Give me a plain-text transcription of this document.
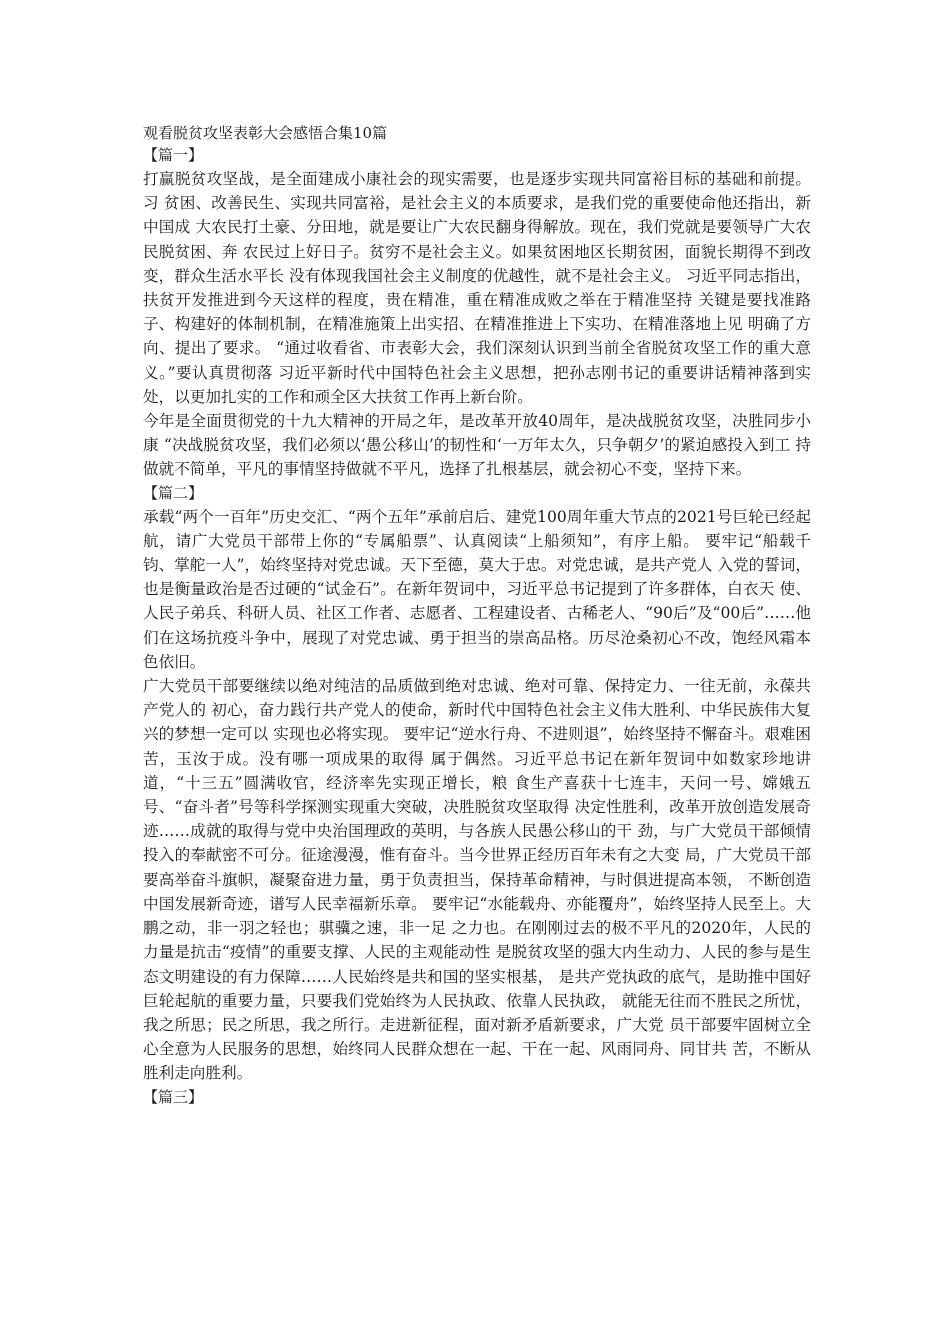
观看脱贫攻坚表彰大会感悟合集10篇
【篇一】

打赢脱贫攻坚战，是全面建成小康社会的现实需要，也是逐步实现共同富裕目标的基础和前提。习 贫困、改善民生、实现共同富裕，是社会主义的本质要求，是我们党的重要使命他还指出，新中国成 大农民打土豪、分田地，就是要让广大农民翻身得解放。现在，我们党就是要领导广大农民脱贫困、奔 农民过上好日子。贫穷不是社会主义。如果贫困地区长期贫困，面貌长期得不到改变，群众生活水平长 没有体现我国社会主义制度的优越性，就不是社会主义。 习近平同志指出，扶贫开发推进到今天这样的程度，贵在精准，重在精准成败之举在于精准坚持 关键是要找准路子、构建好的体制机制，在精准施策上出实招、在精准推进上下实功、在精准落地上见 明确了方向、提出了要求。 “通过收看省、市表彰大会，我们深刻认识到当前全省脱贫攻坚工作的重大意义。”要认真贯彻落 习近平新时代中国特色社会主义思想，把孙志刚书记的重要讲话精神落到实处，以更加扎实的工作和顽全区大扶贫工作再上新台阶。

今年是全面贯彻党的十九大精神的开局之年，是改革开放40周年，是决战脱贫攻坚，决胜同步小康 “决战脱贫攻坚，我们必须以‘愚公移山’的韧性和‘一万年太久，只争朝夕’的紧迫感投入到工 持做就不简单，平凡的事情坚持做就不平凡，选择了扎根基层，就会初心不变，坚持下来。

【篇二】

承载“两个一百年”历史交汇、“两个五年”承前启后、建党100周年重大节点的2021号巨轮已经起 航，请广大党员干部带上你的“专属船票”、认真阅读“上船须知”，有序上船。 要牢记“船载千钧、掌舵一人”，始终坚持对党忠诚。天下至德，莫大于忠。对党忠诚，是共产党人 入党的誓词，也是衡量政治是否过硬的“试金石”。在新年贺词中，习近平总书记提到了许多群体，白衣天 使、人民子弟兵、科研人员、社区工作者、志愿者、工程建设者、古稀老人、“90后”及“00后”……他 们在这场抗疫斗争中，展现了对党忠诚、勇于担当的崇高品格。历尽沧桑初心不改，饱经风霜本色依旧。

广大党员干部要继续以绝对纯洁的品质做到绝对忠诚、绝对可靠、保持定力、一往无前，永葆共产党人的 初心，奋力践行共产党人的使命，新时代中国特色社会主义伟大胜利、中华民族伟大复兴的梦想一定可以 实现也必将实现。 要牢记“逆水行舟、不进则退”，始终坚持不懈奋斗。艰难困苦，玉汝于成。没有哪一项成果的取得 属于偶然。习近平总书记在新年贺词中如数家珍地讲道，“十三五”圆满收官，经济率先实现正增长，粮 食生产喜获十七连丰，天问一号、嫦娥五号、“奋斗者”号等科学探测实现重大突破，决胜脱贫攻坚取得 决定性胜利，改革开放创造发展奇迹……成就的取得与党中央治国理政的英明，与各族人民愚公移山的干 劲，与广大党员干部倾情投入的奉献密不可分。征途漫漫，惟有奋斗。当今世界正经历百年未有之大变 局，广大党员干部要高举奋斗旗帜，凝聚奋进力量，勇于负责担当，保持革命精神，与时俱进提高本领， 不断创造中国发展新奇迹，谱写人民幸福新乐章。 要牢记“水能载舟、亦能覆舟”，始终坚持人民至上。大鹏之动，非一羽之轻也；骐骥之速，非一足 之力也。在刚刚过去的极不平凡的2020年，人民的力量是抗击“疫情”的重要支撑、人民的主观能动性 是脱贫攻坚的强大内生动力、人民的参与是生态文明建设的有力保障……人民始终是共和国的坚实根基， 是共产党执政的底气，是助推中国好巨轮起航的重要力量，只要我们党始终为人民执政、依靠人民执政， 就能无往而不胜民之所忧，我之所思；民之所思，我之所行。走进新征程，面对新矛盾新要求，广大党 员干部要牢固树立全心全意为人民服务的思想，始终同人民群众想在一起、干在一起、风雨同舟、同甘共 苦，不断从胜利走向胜利。

【篇三】
